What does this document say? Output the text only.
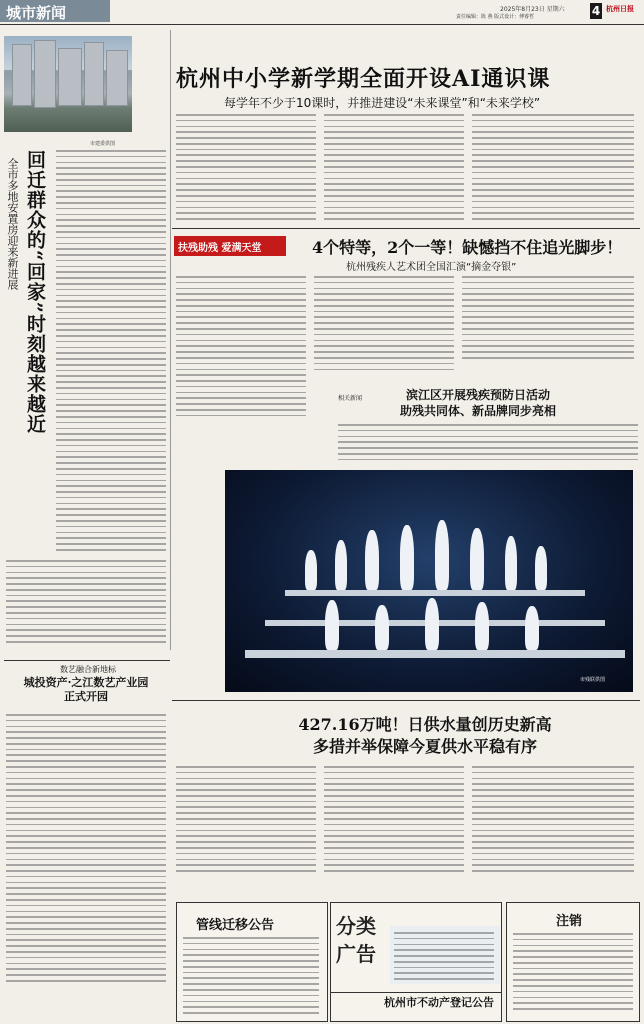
城市新闻	2025年8月23日 星期六
责任编辑：陈 燕 版式设计：傅睿哲	4 杭州日报
市建委供图
回迁群众的“回家”时刻越来越近
全市多地安置房迎来新进展
杭州中小学新学期全面开设AI通识课
每学年不少于10课时，并推进建设“未来课堂”和“未来学校”
扶残助残 爱满天堂	4个特等，2个一等！缺憾挡不住追光脚步！
杭州残疾人艺术团全国汇演“摘金夺银”
相关新闻	滨江区开展残疾预防日活动
助残共同体、新品牌同步亮相
市残联供图
数艺融合新地标
城投资产·之江数艺产业园
正式开园
427.16万吨！日供水量创历史新高
多措并举保障今夏供水平稳有序
管线迁移公告	分类
广告
杭州市不动产登记公告
注销
